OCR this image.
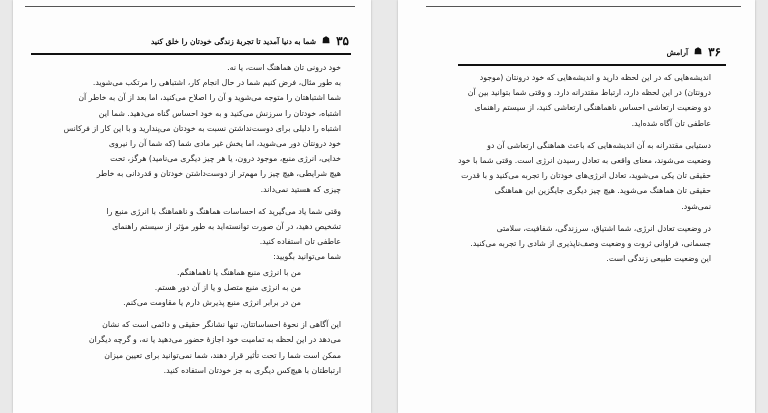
۳۵
☗
شما به دنیا آمدید تا تجربهٔ زندگی خودتان را خلق کنید

خود درونی تان هماهنگ است، یا نه.

به طور مثال، فرض کنیم شما در حال انجام کار، اشتباهی را مرتکب می‌شوید.

شما اشتباهتان را متوجه می‌شوید و آن را اصلاح می‌کنید، اما بعد از آن به خاطر آن

اشتباه، خودتان را سرزنش می‌کنید و به خود احساس گناه می‌دهید. شما این

اشتباه را دلیلی برای دوست‌نداشتن نسبت به خودتان می‌پندارید و با این کار از فرکانس

خود درونتان دور می‌شوید، اما یخش غیر مادی شما (که شما آن را نیروی

خدایی، انرژی منبع، موجود درون، یا هر چیز دیگری می‌نامید) هرگز، تحت

هیچ شرایطی، هیچ چیز را مهم‌تر از دوست‌داشتن خودتان و قدردانی به خاطر

چیزی که هستید نمی‌داند.

وقتی شما یاد می‌گیرید که احساسات هماهنگ و ناهماهنگ با انرژی منبع را

تشخیص دهید، در آن صورت توانسته‌اید به طور مؤثر از سیستم راهنمای

عاطفی تان استفاده کنید.

شما می‌توانید بگویید:

من با انرژی منبع هماهنگ یا ناهماهنگم.

من به انرژی منبع متصل و یا از آن دور هستم.

من در برابر انرژی منبع پذیرش دارم یا مقاومت می‌کنم.

این آگاهی از نحوهٔ احساساتتان، تنها نشانگر حقیقی و دائمی است که نشان

می‌دهد در این لحظه به تمامیت خود اجازهٔ حضور می‌دهید یا نه، و گرچه دیگران

ممکن است شما را تحت تأثیر قرار دهند، شما نمی‌توانید برای تعیین میزان

ارتباطتان با هیچ‌کس دیگری به جز خودتان استفاده کنید.

۳۶
☗
آرامش

اندیشه‌هایی که در این لحظه دارید و اندیشه‌هایی که خود درونتان (موجود

درونتان) در این لحظه دارد، ارتباط مقتدرانه دارد. و وقتی شما بتوانید بین آن

دو وضعیت ارتعاشی احساس ناهماهنگی ارتعاشی کنید، از سیستم راهنمای

عاطفی تان آگاه شده‌اید.

دستیابی مقتدرانه به آن اندیشه‌هایی که باعث هماهنگی ارتعاشی آن دو

وضعیت می‌شوند، معنای واقعی به تعادل رسیدن انرژی است. وقتی شما با خود

حقیقی تان یکی می‌شوید، تعادل انرژی‌های خودتان را تجربه می‌کنید و با قدرت

حقیقی تان هماهنگ می‌شوید. هیچ چیز دیگری جایگزین این هماهنگی

نمی‌شود.

در وضعیت تعادل انرژی، شما اشتیاق، سرزندگی، شفافیت، سلامتی

جسمانی، فراوانی ثروت و وضعیت وصف‌ناپذیری از شادی را تجربه می‌کنید.

این وضعیت طبیعی زندگی است.
